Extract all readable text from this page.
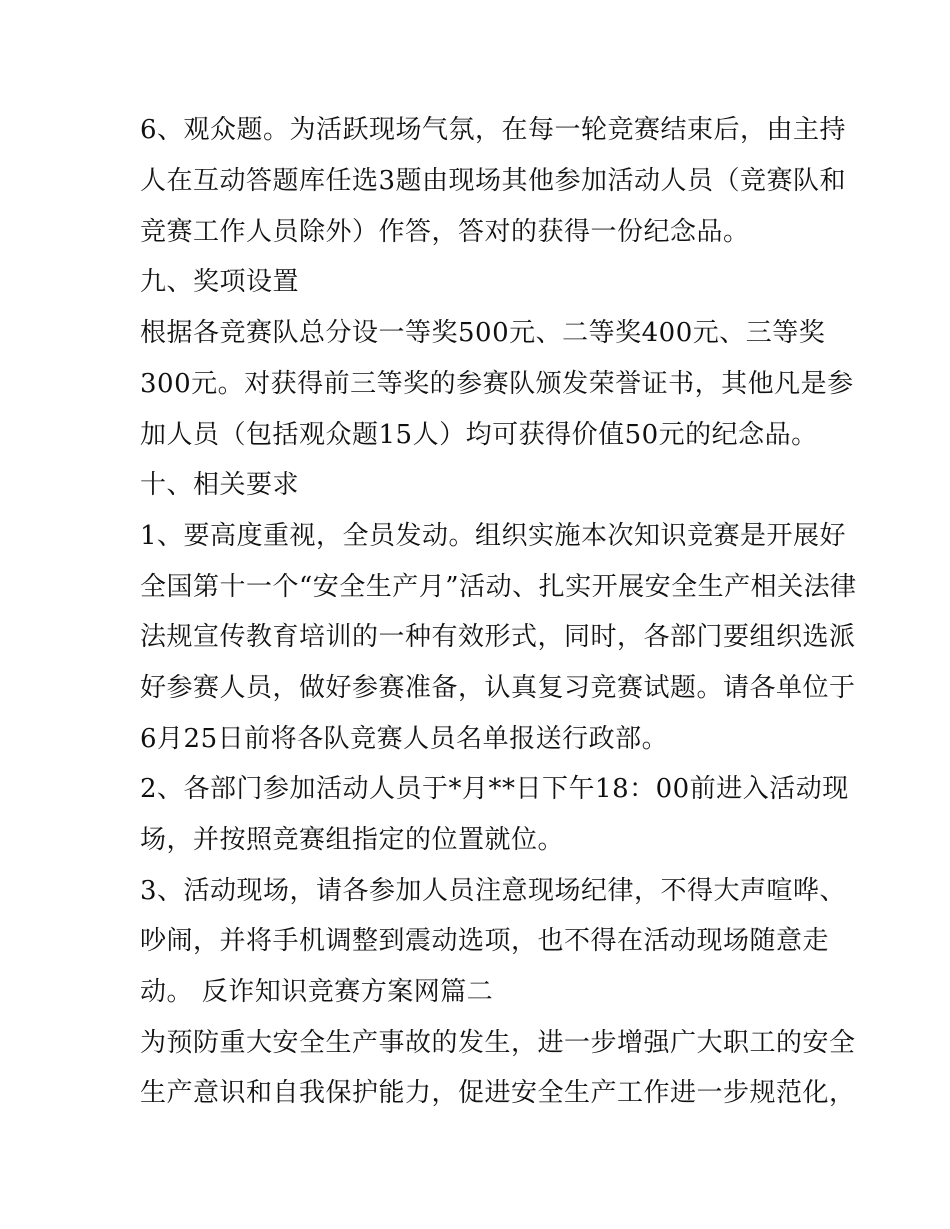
6、观众题。为活跃现场气氛，在每一轮竞赛结束后，由主持
人在互动答题库任选3题由现场其他参加活动人员（竞赛队和
竞赛工作人员除外）作答，答对的获得一份纪念品。
九、奖项设置
根据各竞赛队总分设一等奖500元、二等奖400元、三等奖
300元。对获得前三等奖的参赛队颁发荣誉证书，其他凡是参
加人员（包括观众题15人）均可获得价值50元的纪念品。
十、相关要求
1、要高度重视，全员发动。组织实施本次知识竞赛是开展好
全国第十一个“安全生产月”活动、扎实开展安全生产相关法律
法规宣传教育培训的一种有效形式，同时，各部门要组织选派
好参赛人员，做好参赛准备，认真复习竞赛试题。请各单位于
6月25日前将各队竞赛人员名单报送行政部。
2、各部门参加活动人员于*月**日下午18：00前进入活动现
场，并按照竞赛组指定的位置就位。
3、活动现场，请各参加人员注意现场纪律，不得大声喧哗、
吵闹，并将手机调整到震动选项，也不得在活动现场随意走
动。 反诈知识竞赛方案网篇二
为预防重大安全生产事故的发生，进一步增强广大职工的安全
生产意识和自我保护能力，促进安全生产工作进一步规范化，
